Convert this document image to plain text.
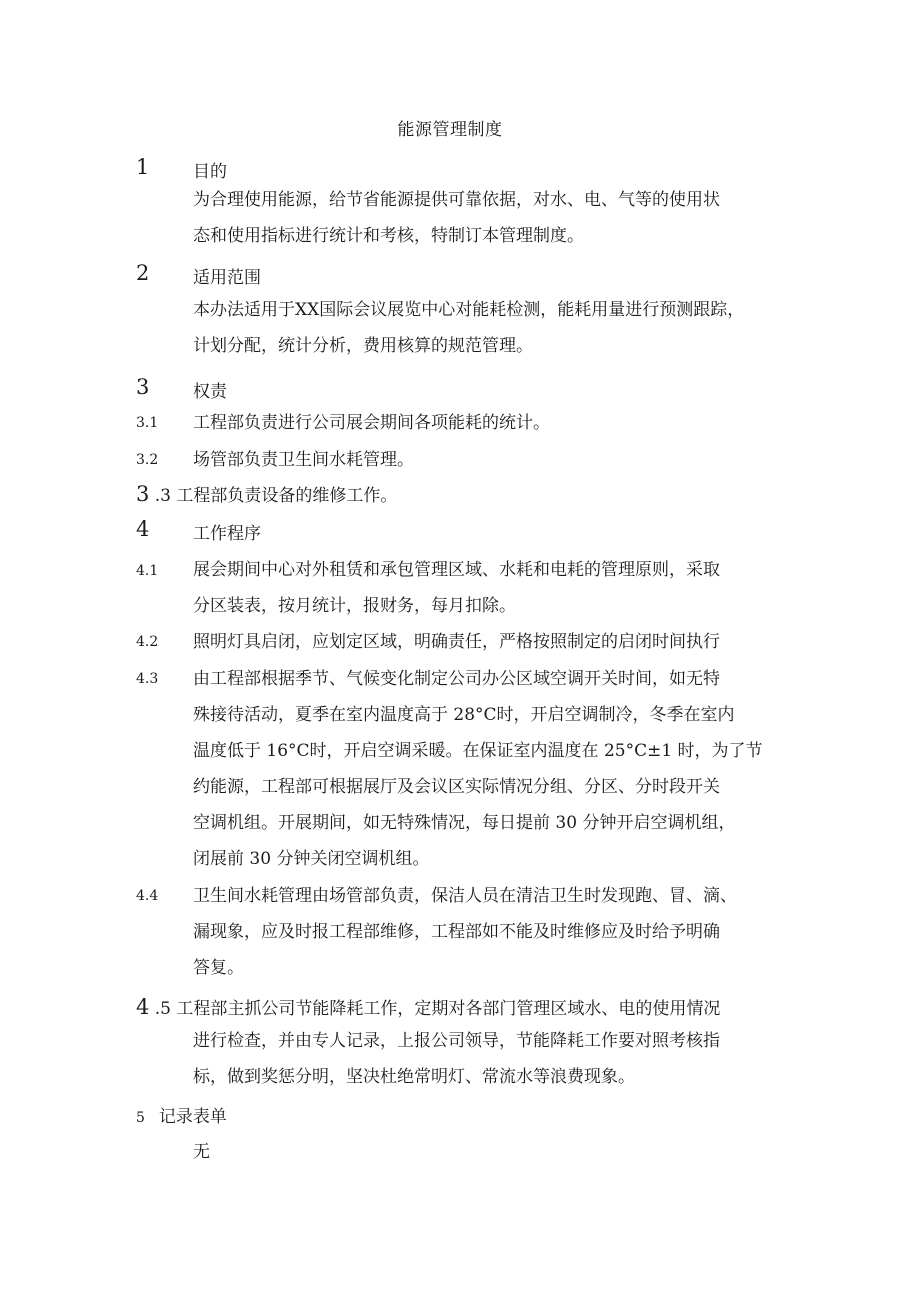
能源管理制度
1	目的
为合理使用能源，给节省能源提供可靠依据，对水、电、气等的使用状
态和使用指标进行统计和考核，特制订本管理制度。
2	适用范围
本办法适用于XX国际会议展览中心对能耗检测，能耗用量进行预测跟踪，
计划分配，统计分析，费用核算的规范管理。
3	权责
3.1 工程部负责进行公司展会期间各项能耗的统计。
3.2 场管部负责卫生间水耗管理。
3 .3 工程部负责设备的维修工作。
4	工作程序
4.1 展会期间中心对外租赁和承包管理区域、水耗和电耗的管理原则，采取
分区装表，按月统计，报财务，每月扣除。
4.2 照明灯具启闭，应划定区域，明确责任，严格按照制定的启闭时间执行
4.3 由工程部根据季节、气候变化制定公司办公区域空调开关时间，如无特
殊接待活动，夏季在室内温度高于 28°C时，开启空调制冷，冬季在室内
温度低于 16°C时，开启空调采暖。在保证室内温度在 25°C±1 时，为了节
约能源，工程部可根据展厅及会议区实际情况分组、分区、分时段开关
空调机组。开展期间，如无特殊情况，每日提前 30 分钟开启空调机组，
闭展前 30 分钟关闭空调机组。
4.4 卫生间水耗管理由场管部负责，保洁人员在清洁卫生时发现跑、冒、滴、
漏现象，应及时报工程部维修，工程部如不能及时维修应及时给予明确
答复。
4 .5 工程部主抓公司节能降耗工作，定期对各部门管理区域水、电的使用情况
进行检查，并由专人记录，上报公司领导，节能降耗工作要对照考核指
标，做到奖惩分明，坚决杜绝常明灯、常流水等浪费现象。
5 记录表单
无
